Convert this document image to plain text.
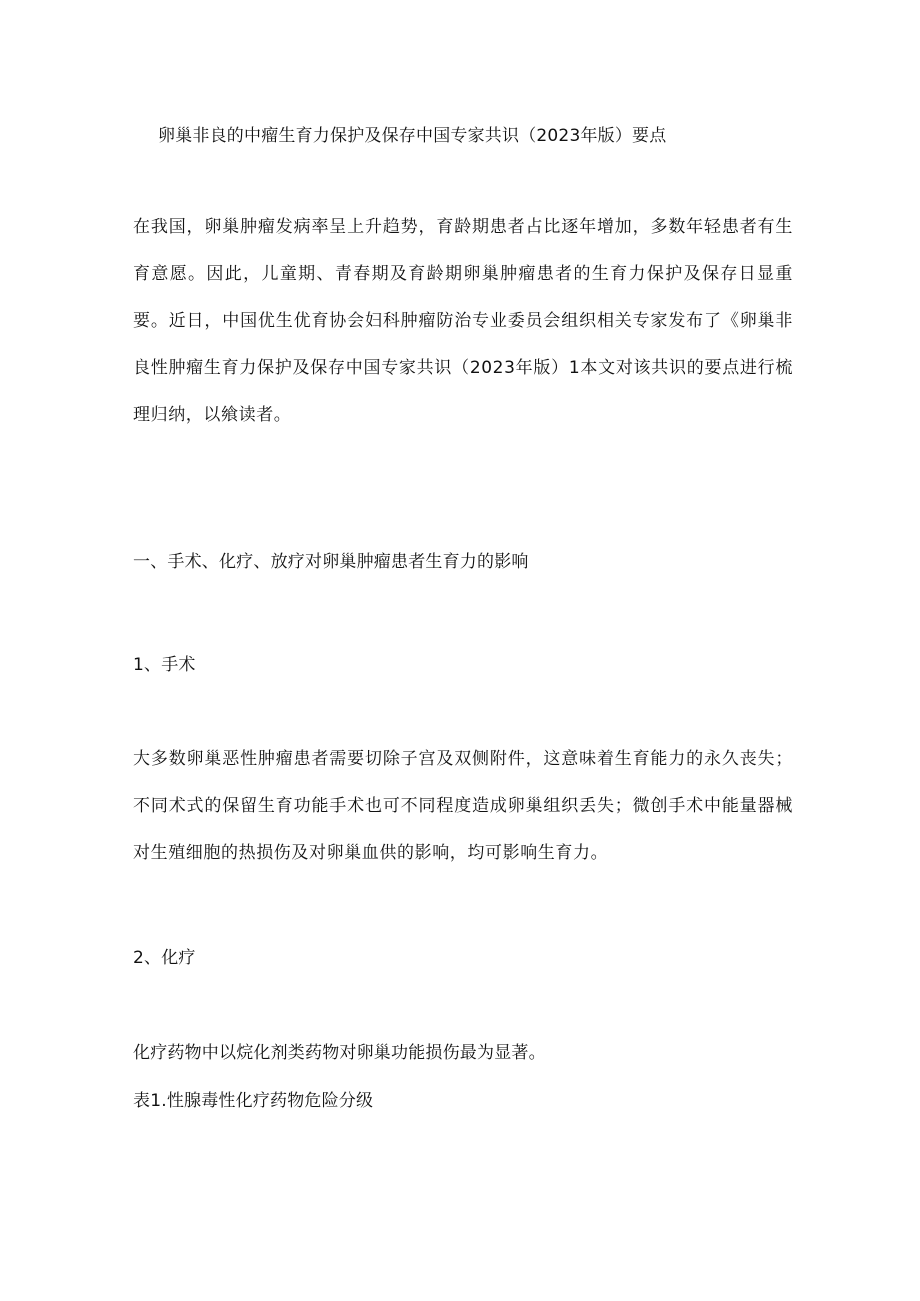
卵巢非良的中瘤生育力保护及保存中国专家共识（2023年版）要点

在我国，卵巢肿瘤发病率呈上升趋势，育龄期患者占比逐年增加，多数年轻患者有生育意愿。因此，儿童期、青春期及育龄期卵巢肿瘤患者的生育力保护及保存日显重要。近日，中国优生优育协会妇科肿瘤防治专业委员会组织相关专家发布了《卵巢非良性肿瘤生育力保护及保存中国专家共识（2023年版）1本文对该共识的要点进行梳理归纳，以飨读者。

一、手术、化疗、放疗对卵巢肿瘤患者生育力的影响
1、手术

大多数卵巢恶性肿瘤患者需要切除子宫及双侧附件，这意味着生育能力的永久丧失；不同术式的保留生育功能手术也可不同程度造成卵巢组织丢失；微创手术中能量器械对生殖细胞的热损伤及对卵巢血供的影响，均可影响生育力。

2、化疗
化疗药物中以烷化剂类药物对卵巢功能损伤最为显著。
表1.性腺毒性化疗药物危险分级
